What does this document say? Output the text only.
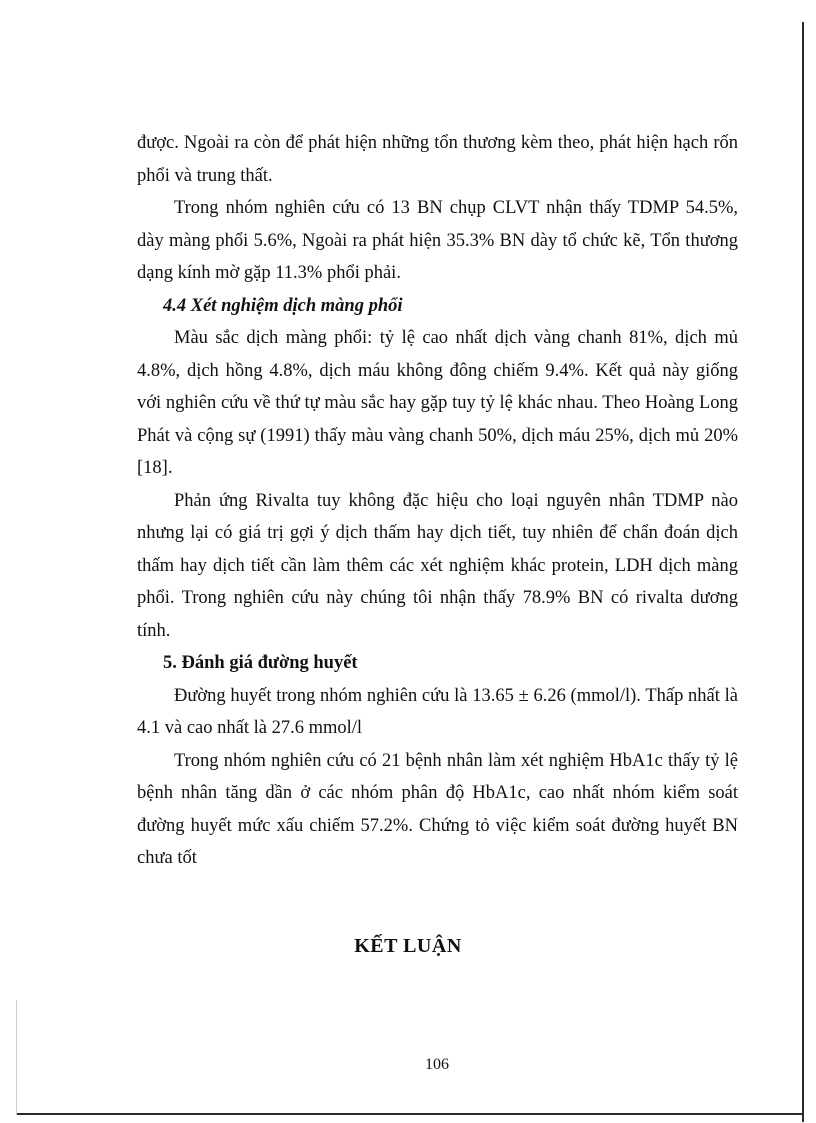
được. Ngoài ra còn để phát hiện những tổn thương kèm theo, phát hiện hạch rốn phổi và trung thất.

Trong nhóm nghiên cứu có 13 BN chụp CLVT nhận thấy TDMP 54.5%, dày màng phổi 5.6%, Ngoài ra phát hiện 35.3% BN dày tổ chức kẽ, Tổn thương dạng kính mờ gặp 11.3% phổi phải.

4.4 Xét nghiệm dịch màng phổi

Màu sắc dịch màng phổi: tỷ lệ cao nhất dịch vàng chanh 81%, dịch mủ 4.8%, dịch hồng 4.8%, dịch máu không đông chiếm 9.4%. Kết quả này giống với nghiên cứu về thứ tự màu sắc hay gặp tuy tỷ lệ khác nhau. Theo Hoàng Long Phát và cộng sự (1991) thấy màu vàng chanh 50%, dịch máu 25%, dịch mủ 20% [18].

Phản ứng Rivalta tuy không đặc hiệu cho loại nguyên nhân TDMP nào nhưng lại có giá trị gợi ý dịch thấm hay dịch tiết, tuy nhiên để chẩn đoán dịch thấm hay dịch tiết cần làm thêm các xét nghiệm khác protein, LDH dịch màng phổi. Trong nghiên cứu này chúng tôi nhận thấy 78.9% BN có rivalta dương tính.

5. Đánh giá đường huyết

Đường huyết trong nhóm nghiên cứu là 13.65 ± 6.26 (mmol/l). Thấp nhất là 4.1 và cao nhất là 27.6 mmol/l

Trong nhóm nghiên cứu có 21 bệnh nhân làm xét nghiệm HbA1c thấy tỷ lệ bệnh nhân tăng dần ở các nhóm phân độ HbA1c, cao nhất nhóm kiểm soát đường huyết mức xấu chiếm 57.2%. Chứng tỏ việc kiểm soát đường huyết BN chưa tốt

KẾT LUẬN
106
